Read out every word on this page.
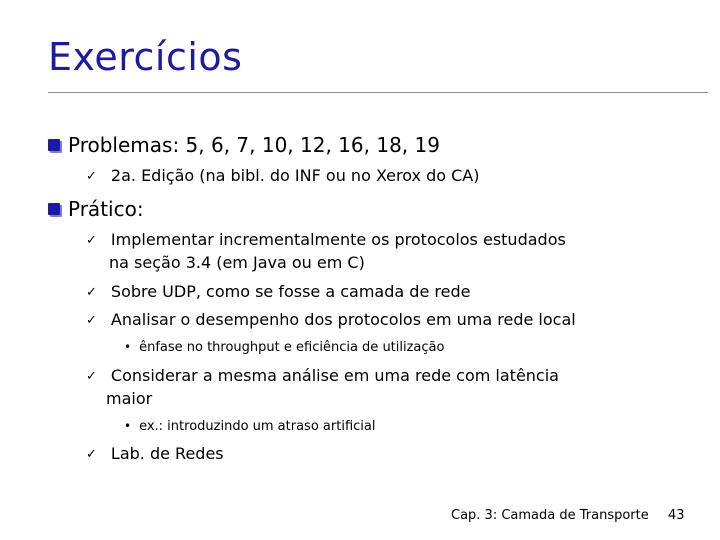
Exercícios
Problemas: 5, 6, 7, 10, 12, 16, 18, 19
✓ 2a. Edição (na bibl. do INF ou no Xerox do CA)
Prático:
✓ Implementar incrementalmente os protocolos estudados
na seção 3.4 (em Java ou em C)
✓ Sobre UDP, como se fosse a camada de rede
✓ Analisar o desempenho dos protocolos em uma rede local
• ênfase no throughput e eficiência de utilização
✓ Considerar a mesma análise em uma rede com latência
maior
• ex.: introduzindo um atraso artificial
✓ Lab. de Redes
Cap. 3: Camada de Transporte 43
